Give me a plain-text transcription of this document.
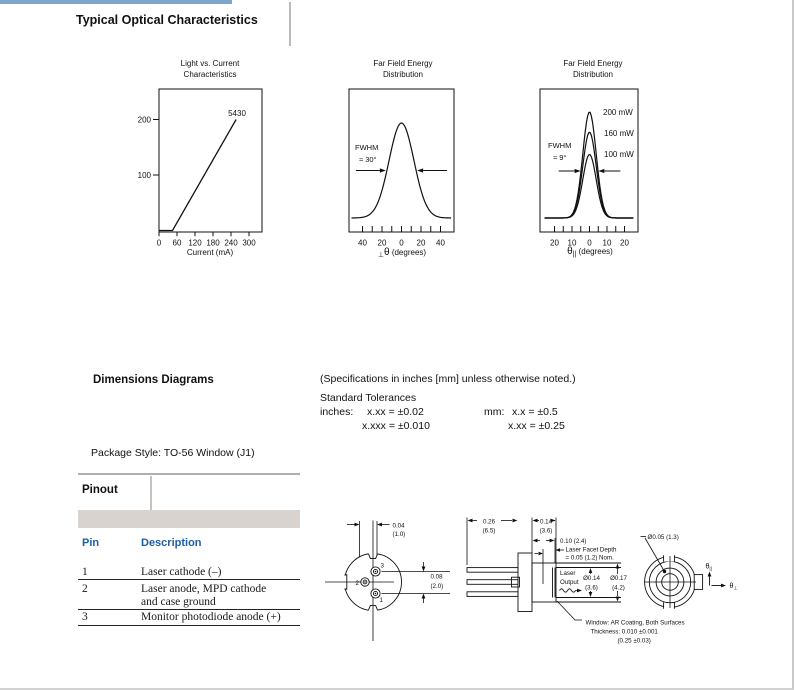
Typical Optical Characteristics
Light vs. Current
Characteristics
Far Field Energy
Distribution
Far Field Energy
Distribution
0.04
(1.0)
0.08
(2.0)
3
2
1
0.26
(6.5)
0.14
(3.6)
0.10 (2.4)
Laser Facet Depth
= 0.05 (1.2) Nom.
Laser
Output
Ø0.14
(3.6)
Ø0.17
(4.2)
Window: AR Coating, Both Surfaces
Thickness: 0.010 ±0.001
(0.25 ±0.03)
Ø0.05 (1.3)
$\theta_{||}$
$\theta_\perp$
100
200
0 60 120 180 240 300
5430
40 20 0 20 40	20 10 0 10 20
Current (mA)	⊥θ (degrees)	θ|| (degrees)
FWHM
≈ 30°
FWHM
≈ 9°
200 mW
160 mW
100 mW
Dimensions Diagrams	(Specifications in inches [mm] unless otherwise noted.)
Standard Tolerances
inches: x.xx = ±0.02
x.xxx = ±0.010
mm: x.x = ±0.5
x.xx = ±0.25
Package Style: TO-56 Window (J1)
Pinout
Pin	Description
1	Laser cathode (–)
2	Laser anode, MPD cathode
and case ground
3	Monitor photodiode anode (+)
